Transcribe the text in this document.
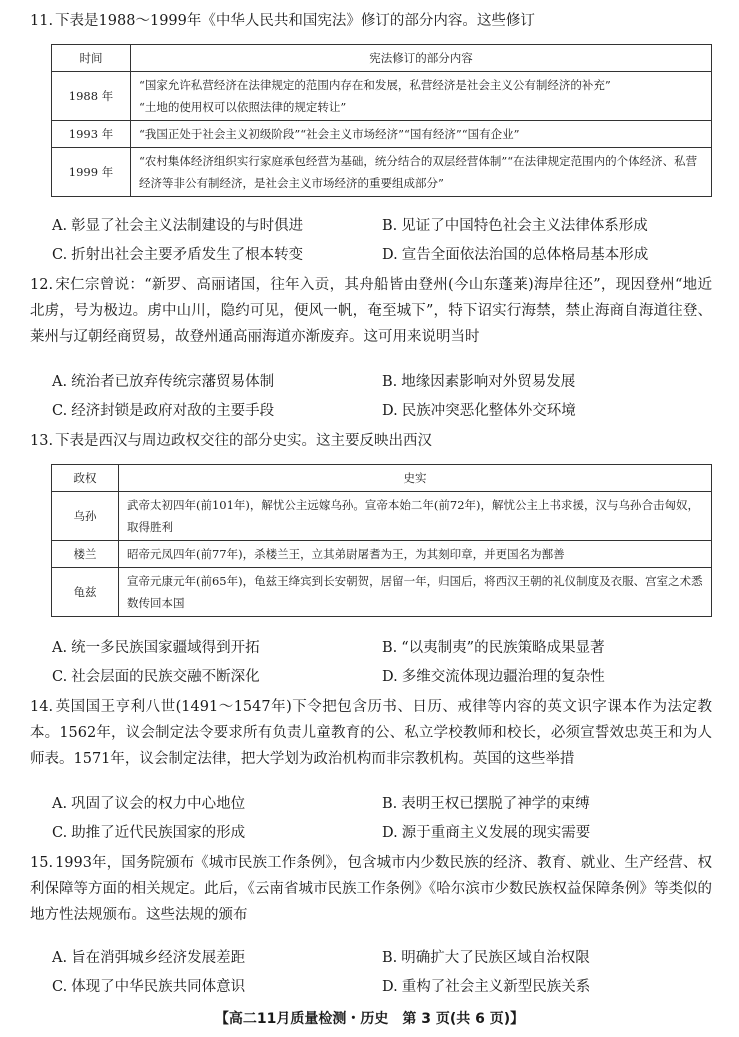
11. 下表是1988～1999年《中华人民共和国宪法》修订的部分内容。这些修订
时间	宪法修订的部分内容
1988 年	“国家允许私营经济在法律规定的范围内存在和发展，私营经济是社会主义公有制经济的补充”

“土地的使用权可以依照法律的规定转让”

1993 年	“我国正处于社会主义初级阶段”“社会主义市场经济”“国有经济”“国有企业”

1999 年	“农村集体经济组织实行家庭承包经营为基础，统分结合的双层经营体制”“在法律规定范围内的个体经济、私营经济等非公有制经济，是社会主义市场经济的重要组成部分”

A. 彰显了社会主义法制建设的与时俱进	B. 见证了中国特色社会主义法律体系形成
C. 折射出社会主要矛盾发生了根本转变	D. 宣告全面依法治国的总体格局基本形成
12. 宋仁宗曾说：“新罗、高丽诸国，往年入贡，其舟船皆由登州(今山东蓬莱)海岸往还”，现因登州“地近北虏，号为极边。虏中山川，隐约可见，便风一帆，奄至城下”，特下诏实行海禁，禁止海商自海道往登、莱州与辽朝经商贸易，故登州通高丽海道亦渐废弃。这可用来说明当时
A. 统治者已放弃传统宗藩贸易体制	B. 地缘因素影响对外贸易发展
C. 经济封锁是政府对敌的主要手段	D. 民族冲突恶化整体外交环境
13. 下表是西汉与周边政权交往的部分史实。这主要反映出西汉
政权	史实
乌孙	武帝太初四年(前101年)，解忧公主远嫁乌孙。宣帝本始二年(前72年)，解忧公主上书求援，汉与乌孙合击匈奴，取得胜利

楼兰	昭帝元凤四年(前77年)，杀楼兰王，立其弟尉屠耆为王，为其刻印章，并更国名为鄯善

龟兹	宣帝元康元年(前65年)，龟兹王绛宾到长安朝贺，居留一年，归国后，将西汉王朝的礼仪制度及衣服、宫室之术悉数传回本国

A. 统一多民族国家疆域得到开拓	B. “以夷制夷”的民族策略成果显著
C. 社会层面的民族交融不断深化	D. 多维交流体现边疆治理的复杂性
14. 英国国王亨利八世(1491～1547年)下令把包含历书、日历、戒律等内容的英文识字课本作为法定教本。1562年，议会制定法令要求所有负责儿童教育的公、私立学校教师和校长，必须宣誓效忠英王和为人师表。1571年，议会制定法律，把大学划为政治机构而非宗教机构。英国的这些举措
A. 巩固了议会的权力中心地位	B. 表明王权已摆脱了神学的束缚
C. 助推了近代民族国家的形成	D. 源于重商主义发展的现实需要
15. 1993年，国务院颁布《城市民族工作条例》，包含城市内少数民族的经济、教育、就业、生产经营、权利保障等方面的相关规定。此后，《云南省城市民族工作条例》《哈尔滨市少数民族权益保障条例》等类似的地方性法规颁布。这些法规的颁布
A. 旨在消弭城乡经济发展差距	B. 明确扩大了民族区域自治权限
C. 体现了中华民族共同体意识	D. 重构了社会主义新型民族关系
【高二11月质量检测・历史　第 3 页(共 6 页)】
